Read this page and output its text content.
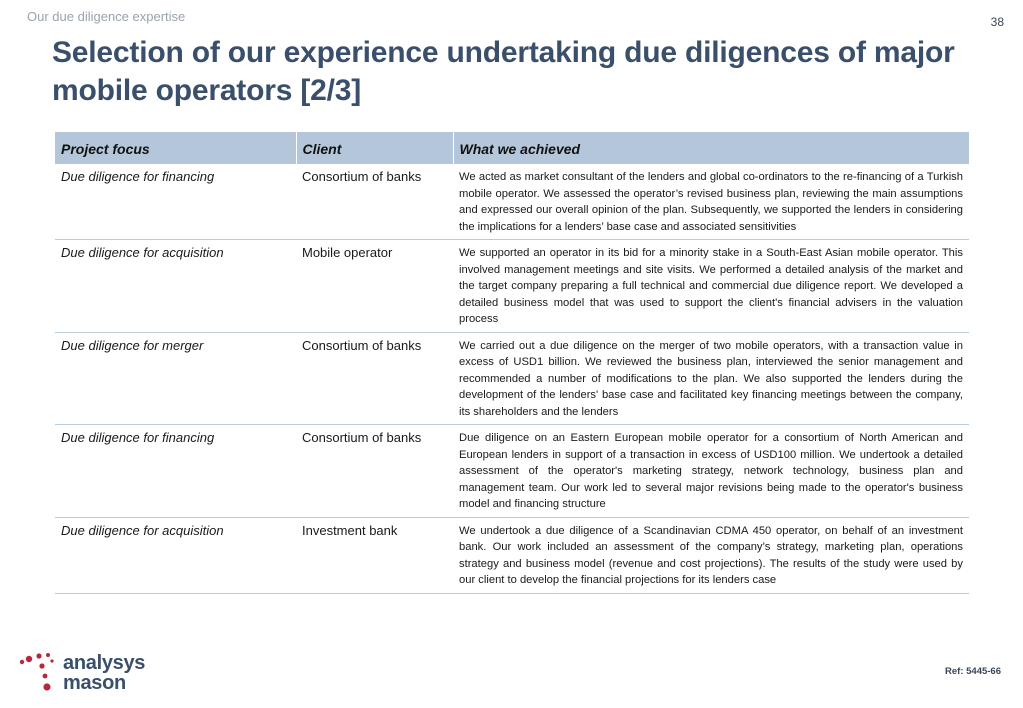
Our due diligence expertise	38
Selection of our experience undertaking due diligences of major mobile operators [2/3]
Project focus	Client	What we achieved
Due diligence for financing	Consortium of banks	We acted as market consultant of the lenders and global co-ordinators to the re-financing of a Turkish mobile operator. We assessed the operator’s revised business plan, reviewing the main assumptions and expressed our overall opinion of the plan. Subsequently, we supported the lenders in considering the implications for a lenders’ base case and associated sensitivities
Due diligence for acquisition	Mobile operator	We supported an operator in its bid for a minority stake in a South-East Asian mobile operator. This involved management meetings and site visits. We performed a detailed analysis of the market and the target company preparing a full technical and commercial due diligence report. We developed a detailed business model that was used to support the client's financial advisers in the valuation process
Due diligence for merger	Consortium of banks	We carried out a due diligence on the merger of two mobile operators, with a transaction value in excess of USD1 billion. We reviewed the business plan, interviewed the senior management and recommended a number of modifications to the plan. We also supported the lenders during the development of the lenders' base case and facilitated key financing meetings between the company, its shareholders and the lenders
Due diligence for financing	Consortium of banks	Due diligence on an Eastern European mobile operator for a consortium of North American and European lenders in support of a transaction in excess of USD100 million. We undertook a detailed assessment of the operator's marketing strategy, network technology, business plan and management team. Our work led to several major revisions being made to the operator's business model and financing structure
Due diligence for acquisition	Investment bank	We undertook a due diligence of a Scandinavian CDMA 450 operator, on behalf of an investment bank. Our work included an assessment of the company’s strategy, marketing plan, operations strategy and business model (revenue and cost projections). The results of the study were used by our client to develop the financial projections for its lenders case
analysys
mason
Ref: 5445-66
